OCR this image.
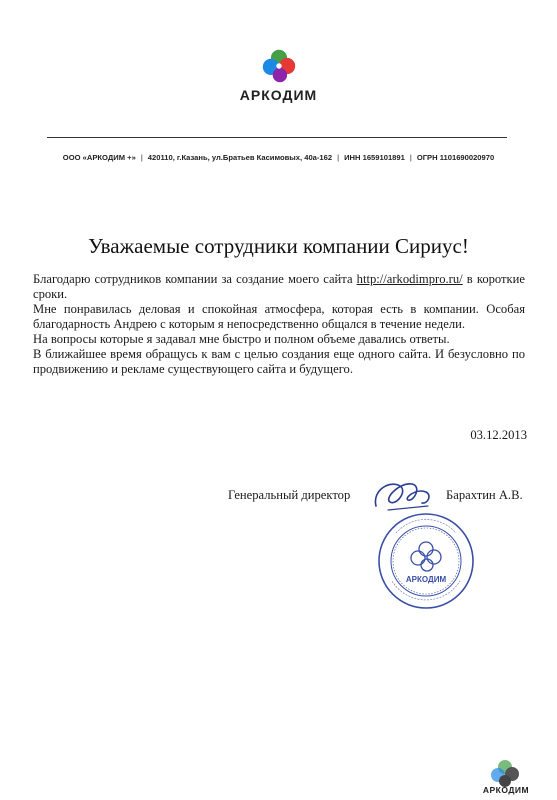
АРКОДИМ
ООО «АРКОДИМ +» | 420110, г.Казань, ул.Братьев Касимовых, 40а-162 | ИНН 1659101891 | ОГРН 1101690020970
Уважаемые сотрудники компании Сириус!

Благодарю сотрудников компании за создание моего сайта http://arkodimpro.ru/ в короткие сроки.

Мне понравилась деловая и спокойная атмосфера, которая есть в компании. Особая благодарность Андрею с которым я непосредственно общался в течение недели.

На вопросы которые я задавал мне быстро и полном объеме давались ответы.

В ближайшее время обращусь к вам с целью создания еще одного сайта. И безусловно по продвижению и рекламе существующего сайта и будущего.

03.12.2013
Генеральный директор
АРКОДИМ
Барахтин А.В.
АРКОДИМ
